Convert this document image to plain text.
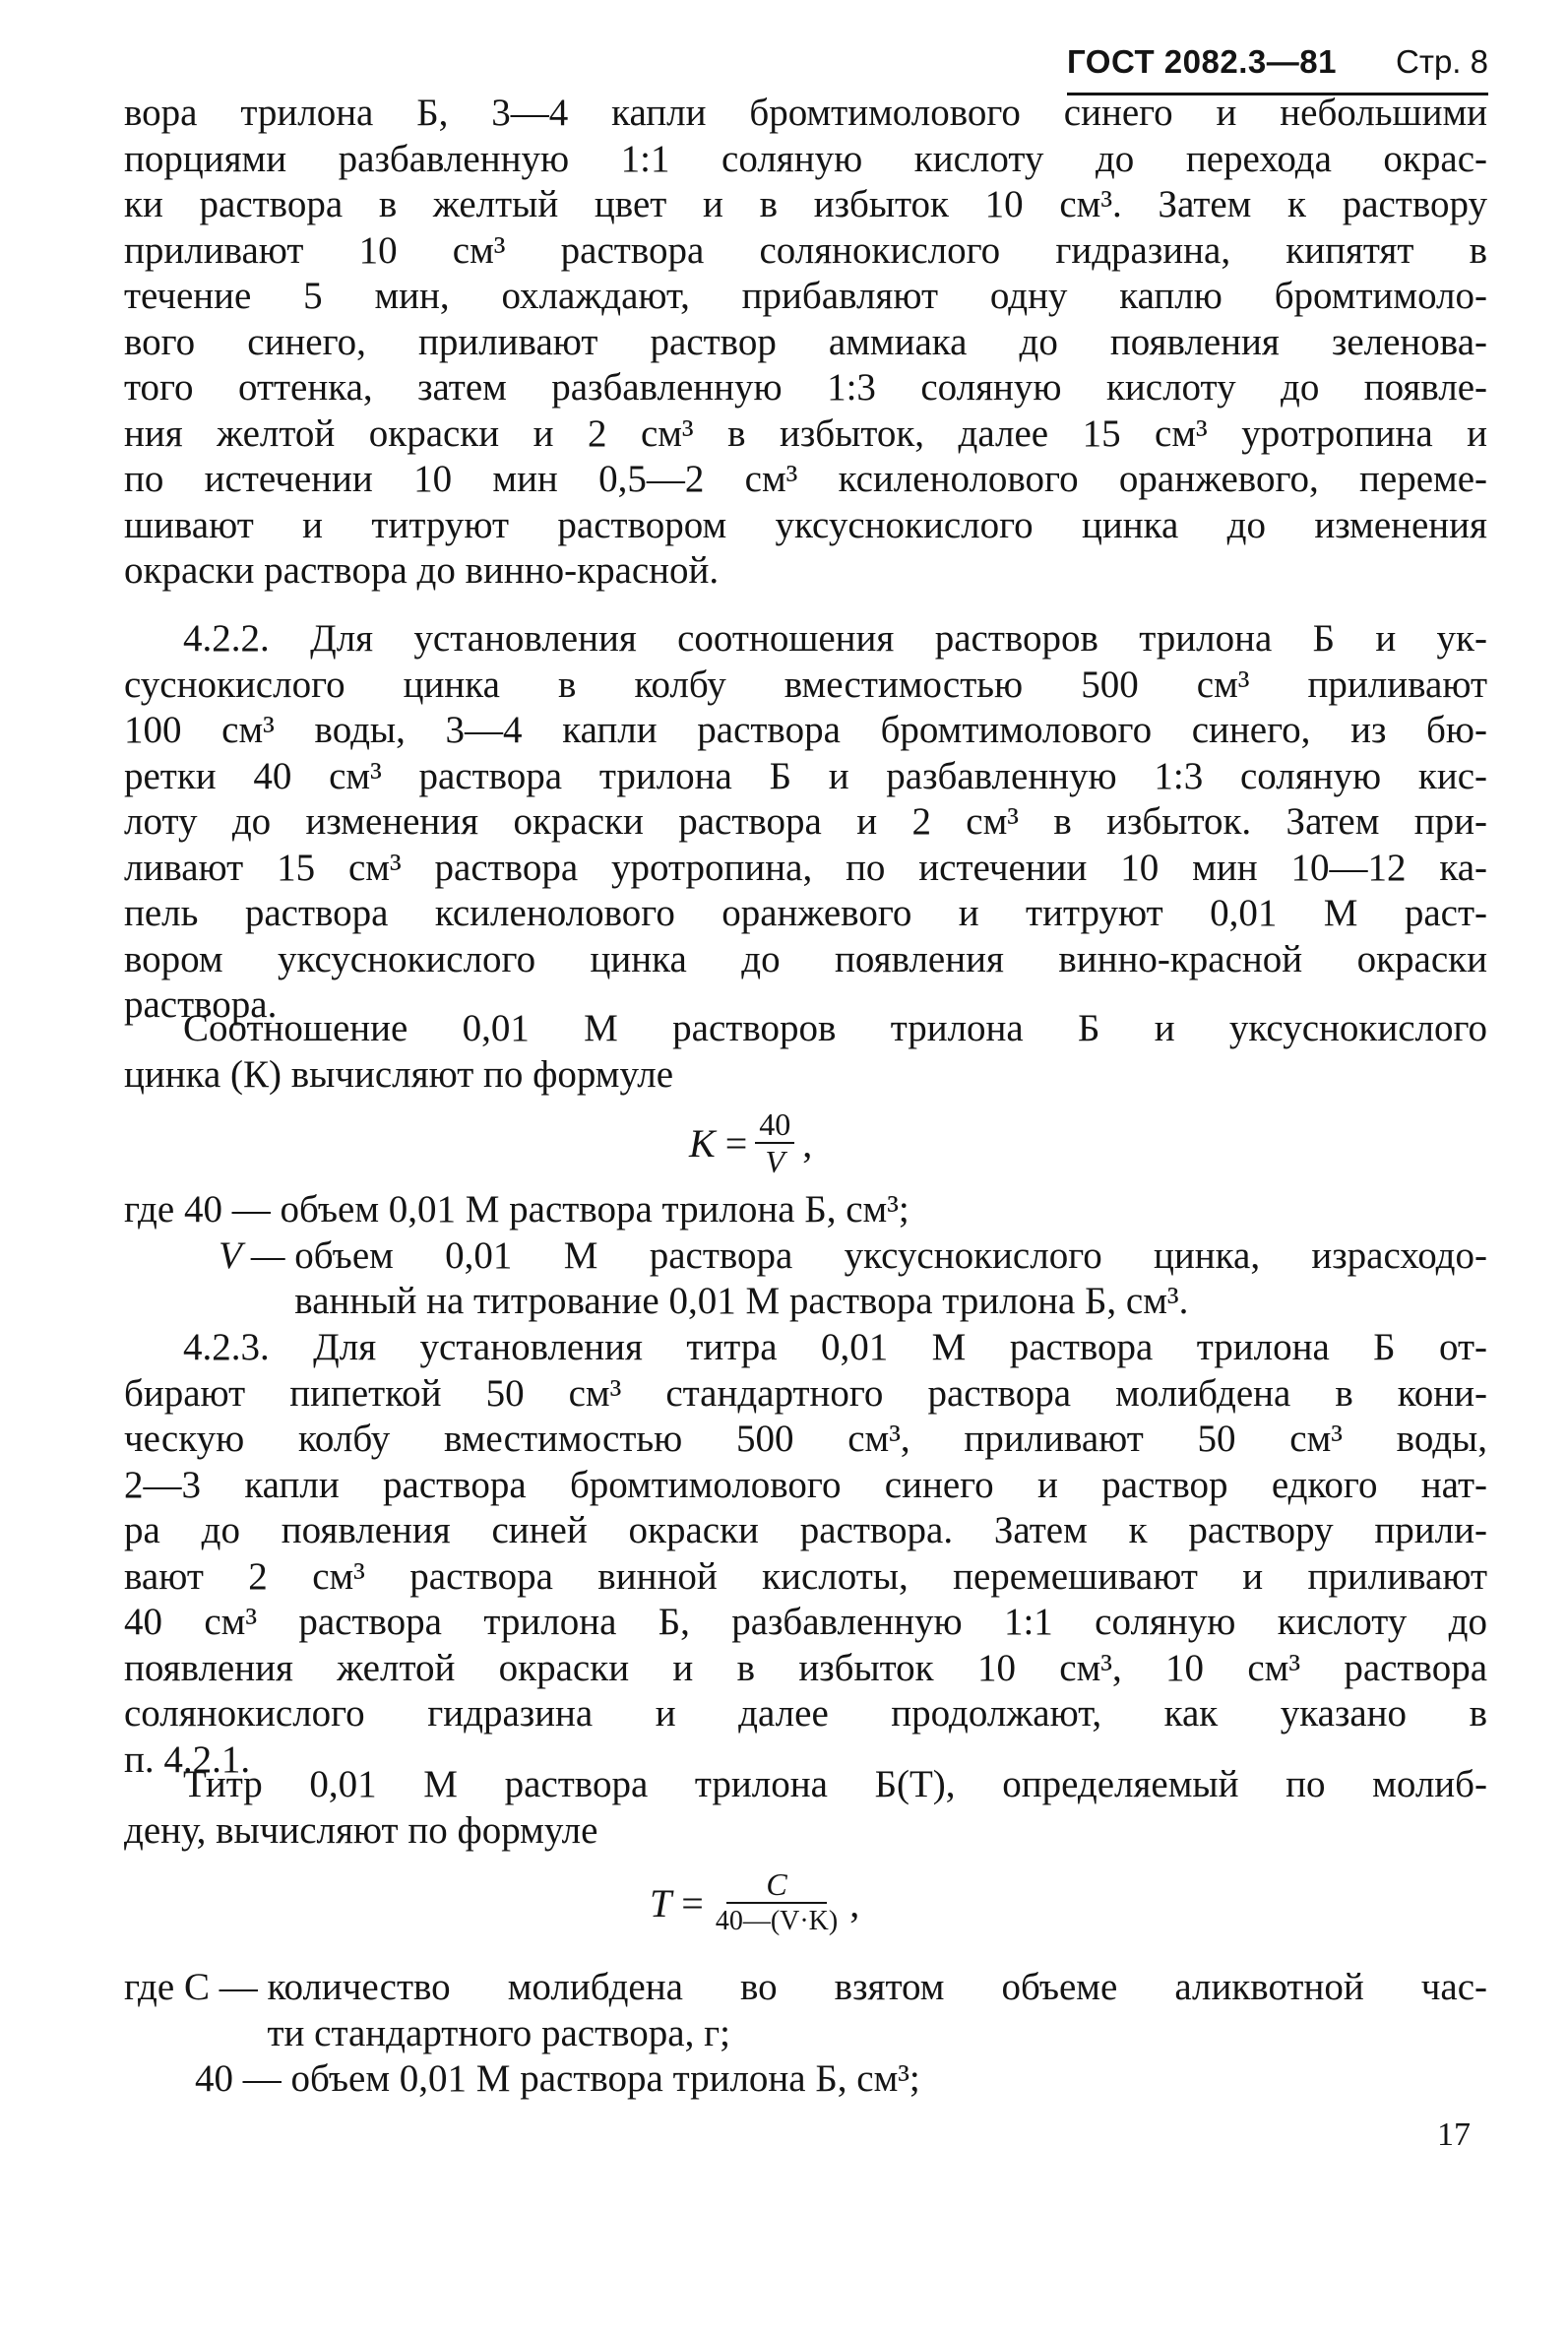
ГОСТ 2082.3—81 Стр. 8

вора трилона Б, 3—4 капли бромтимолового синего и небольшими
порциями разбавленную 1:1 соляную кислоту до перехода окрас-
ки раствора в желтый цвет и в избыток 10 см³. Затем к раствору
приливают 10 см³ раствора солянокислого гидразина, кипятят в
течение 5 мин, охлаждают, прибавляют одну каплю бромтимоло-
вого синего, приливают раствор аммиака до появления зеленова-
того оттенка, затем разбавленную 1:3 соляную кислоту до появле-
ния желтой окраски и 2 см³ в избыток, далее 15 см³ уротропина и
по истечении 10 мин 0,5—2 см³ ксиленолового оранжевого, переме-
шивают и титруют раствором уксуснокислого цинка до изменения
окраски раствора до винно-красной.

4.2.2. Для установления соотношения растворов трилона Б и ук-
суснокислого цинка в колбу вместимостью 500 см³ приливают
100 см³ воды, 3—4 капли раствора бромтимолового синего, из бю-
ретки 40 см³ раствора трилона Б и разбавленную 1:3 соляную кис-
лоту до изменения окраски раствора и 2 см³ в избыток. Затем при-
ливают 15 см³ раствора уротропина, по истечении 10 мин 10—12 ка-
пель раствора ксиленолового оранжевого и титруют 0,01 М раст-
вором уксуснокислого цинка до появления винно-красной окраски
раствора.

Соотношение 0,01 М растворов трилона Б и уксуснокислого
цинка (К) вычисляют по формуле

$K = \frac{40}{V}$ ,
где 40 — объем 0,01 М раствора трилона Б, см³;
V — объем 0,01 М раствора уксуснокислого цинка, израсходо-
ванный на титрование 0,01 М раствора трилона Б, см³.

4.2.3. Для установления титра 0,01 М раствора трилона Б от-
бирают пипеткой 50 см³ стандартного раствора молибдена в кони-
ческую колбу вместимостью 500 см³, приливают 50 см³ воды,
2—3 капли раствора бромтимолового синего и раствор едкого нат-
ра до появления синей окраски раствора. Затем к раствору прили-
вают 2 см³ раствора винной кислоты, перемешивают и приливают
40 см³ раствора трилона Б, разбавленную 1:1 соляную кислоту до
появления желтой окраски и в избыток 10 см³, 10 см³ раствора
солянокислого гидразина и далее продолжают, как указано в
п. 4.2.1.

Титр 0,01 М раствора трилона Б(Т), определяемый по молиб-
дену, вычисляют по формуле

$T = \frac{C}{40—(V\cdot K)}$ ,
где C — количество молибдена во взятом объеме аликвотной час-
ти стандартного раствора, г;
40 — объем 0,01 М раствора трилона Б, см³;
17
